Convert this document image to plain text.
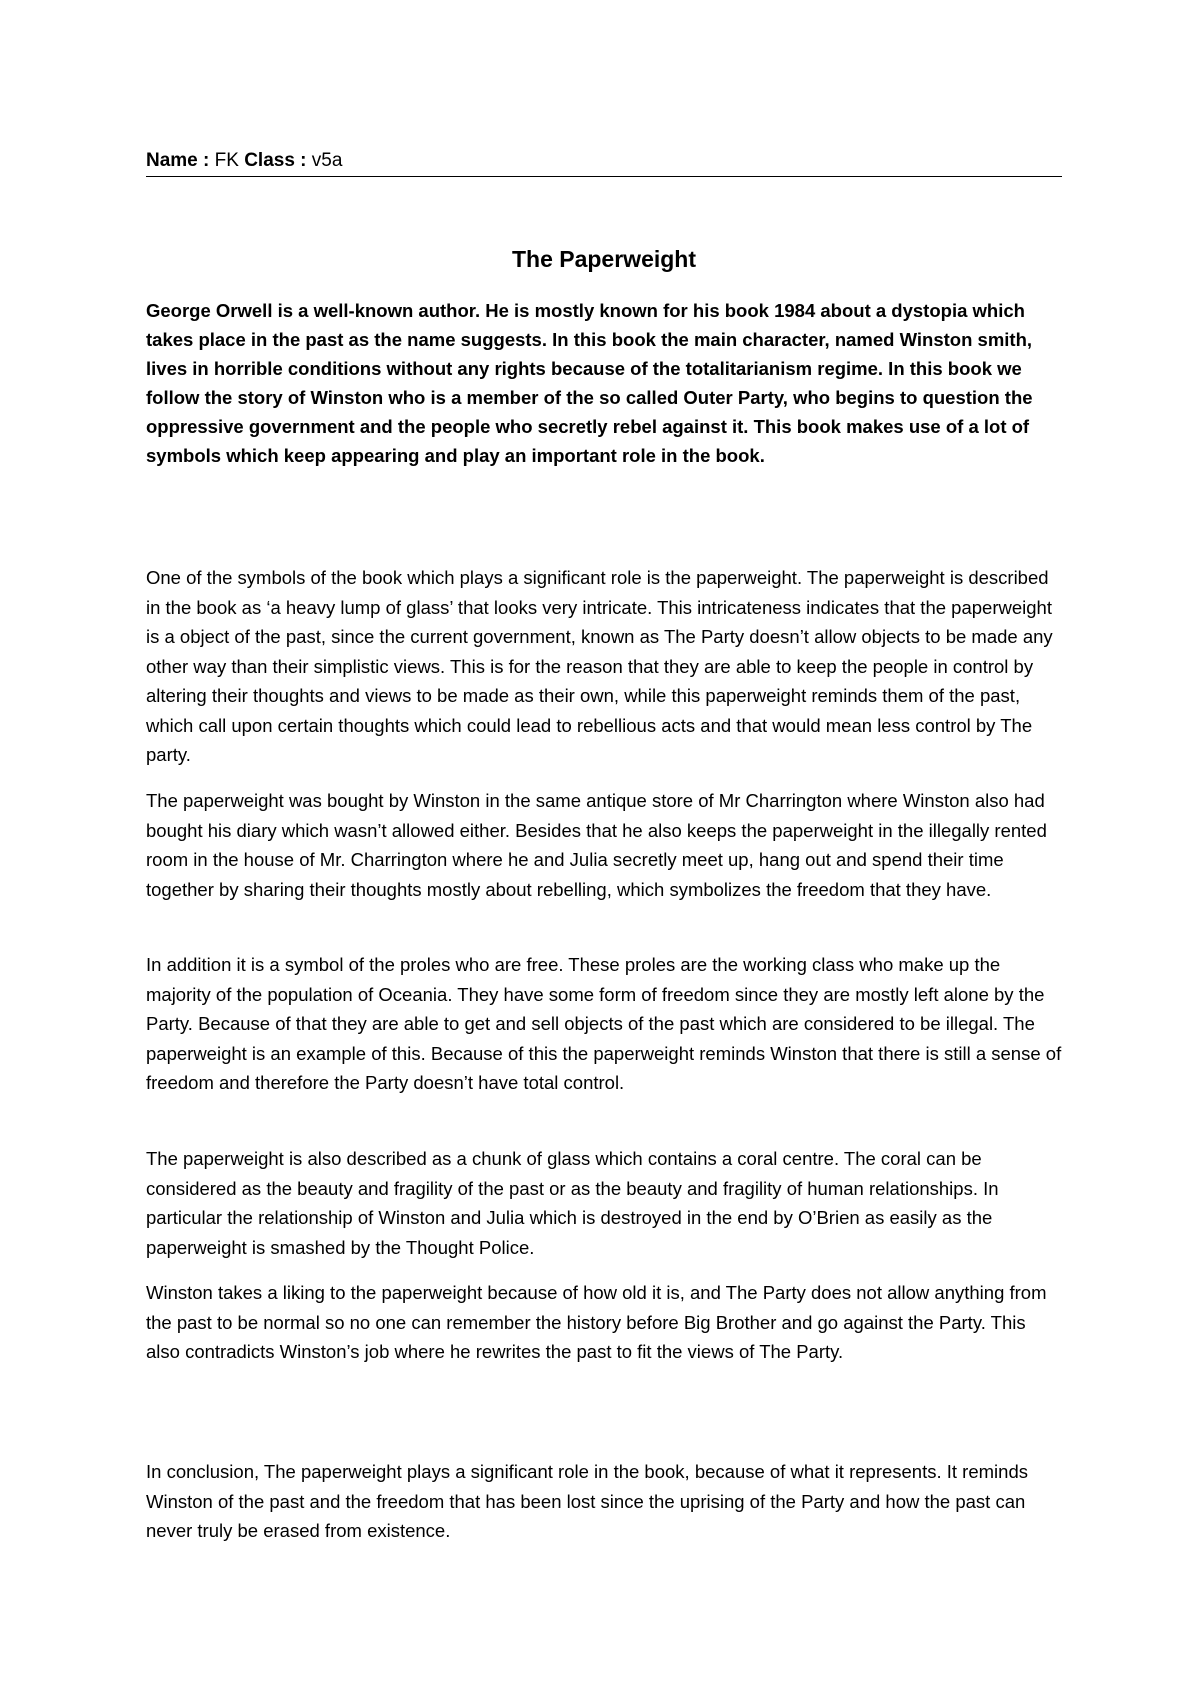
Name : FK Class : v5a
The Paperweight

George Orwell is a well-known author. He is mostly known for his book 1984 about a dystopia which takes place in the past as the name suggests. In this book the main character, named Winston smith, lives in horrible conditions without any rights because of the totalitarianism regime. In this book we follow the story of Winston who is a member of the so called Outer Party, who begins to question the oppressive government and the people who secretly rebel against it. This book makes use of a lot of symbols which keep appearing and play an important role in the book.

One of the symbols of the book which plays a significant role is the paperweight. The paperweight is described in the book as ‘a heavy lump of glass’ that looks very intricate. This intricateness indicates that the paperweight is a object of the past, since the current government, known as The Party doesn’t allow objects to be made any other way than their simplistic views. This is for the reason that they are able to keep the people in control by altering their thoughts and views to be made as their own, while this paperweight reminds them of the past, which call upon certain thoughts which could lead to rebellious acts and that would mean less control by The party.

The paperweight was bought by Winston in the same antique store of Mr Charrington where Winston also had bought his diary which wasn’t allowed either. Besides that he also keeps the paperweight in the illegally rented room in the house of Mr. Charrington where he and Julia secretly meet up, hang out and spend their time together by sharing their thoughts mostly about rebelling, which symbolizes the freedom that they have.

In addition it is a symbol of the proles who are free. These proles are the working class who make up the majority of the population of Oceania. They have some form of freedom since they are mostly left alone by the Party. Because of that they are able to get and sell objects of the past which are considered to be illegal. The paperweight is an example of this. Because of this the paperweight reminds Winston that there is still a sense of freedom and therefore the Party doesn’t have total control.

The paperweight is also described as a chunk of glass which contains a coral centre. The coral can be considered as the beauty and fragility of the past or as the beauty and fragility of human relationships. In particular the relationship of Winston and Julia which is destroyed in the end by O’Brien as easily as the paperweight is smashed by the Thought Police.

Winston takes a liking to the paperweight because of how old it is, and The Party does not allow anything from the past to be normal so no one can remember the history before Big Brother and go against the Party. This also contradicts Winston’s job where he rewrites the past to fit the views of The Party.

In conclusion, The paperweight plays a significant role in the book, because of what it represents. It reminds Winston of the past and the freedom that has been lost since the uprising of the Party and how the past can never truly be erased from existence.
